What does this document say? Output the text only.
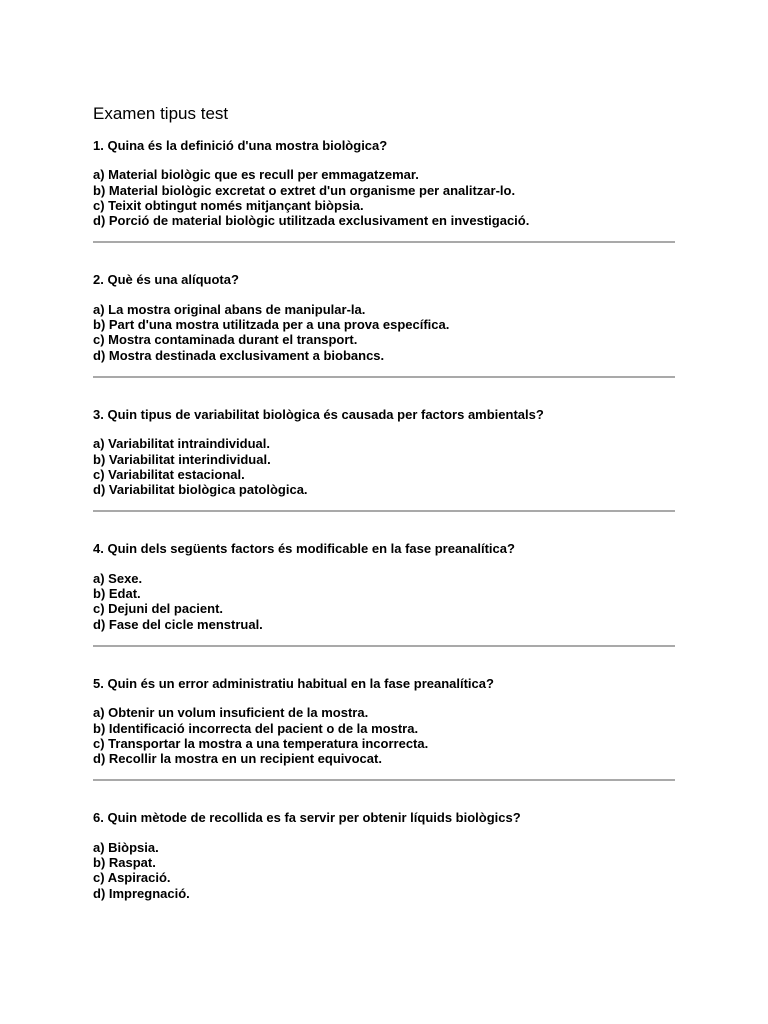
Examen tipus test

1. Quina és la definició d'una mostra biològica?

a) Material biològic que es recull per emmagatzemar.
b) Material biològic excretat o extret d'un organisme per analitzar-lo.
c) Teixit obtingut només mitjançant biòpsia.
d) Porció de material biològic utilitzada exclusivament en investigació.

2. Què és una alíquota?

a) La mostra original abans de manipular-la.
b) Part d'una mostra utilitzada per a una prova específica.
c) Mostra contaminada durant el transport.
d) Mostra destinada exclusivament a biobancs.

3. Quin tipus de variabilitat biològica és causada per factors ambientals?

a) Variabilitat intraindividual.
b) Variabilitat interindividual.
c) Variabilitat estacional.
d) Variabilitat biològica patològica.

4. Quin dels següents factors és modificable en la fase preanalítica?

a) Sexe.
b) Edat.
c) Dejuni del pacient.
d) Fase del cicle menstrual.

5. Quin és un error administratiu habitual en la fase preanalítica?

a) Obtenir un volum insuficient de la mostra.
b) Identificació incorrecta del pacient o de la mostra.
c) Transportar la mostra a una temperatura incorrecta.
d) Recollir la mostra en un recipient equivocat.

6. Quin mètode de recollida es fa servir per obtenir líquids biològics?

a) Biòpsia.
b) Raspat.
c) Aspiració.
d) Impregnació.
